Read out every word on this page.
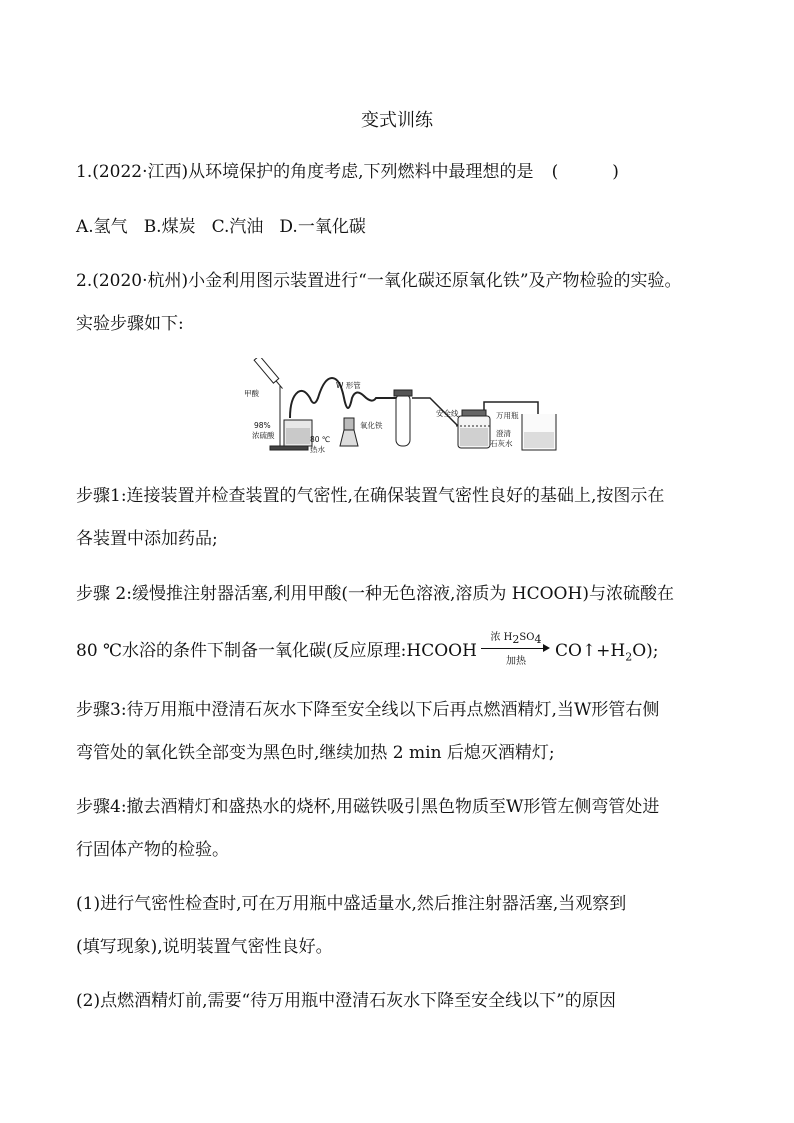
变式训练
1.(2022·江西)从环境保护的角度考虑,下列燃料中最理想的是 (	)
A.氢气 B.煤炭 C.汽油 D.一氧化碳
2.(2020·杭州)小金利用图示装置进行“一氧化碳还原氧化铁”及产物检验的实验。
实验步骤如下:
甲酸
98%
浓硫酸	80 ℃
热水
W 形管
氧化铁
安全线	万用瓶
澄清
石灰水
步骤1:连接装置并检查装置的气密性,在确保装置气密性良好的基础上,按图示在
各装置中添加药品;
步骤 2:缓慢推注射器活塞,利用甲酸(一种无色溶液,溶质为 HCOOH)与浓硫酸在
80 ℃水浴的条件下制备一氧化碳(反应原理:HCOOH
浓 $H_2SO_4$
加热	$CO↑+H_2O$);
步骤3:待万用瓶中澄清石灰水下降至安全线以下后再点燃酒精灯,当W形管右侧
弯管处的氧化铁全部变为黑色时,继续加热 2 min 后熄灭酒精灯;
步骤4:撤去酒精灯和盛热水的烧杯,用磁铁吸引黑色物质至W形管左侧弯管处进
行固体产物的检验。
(1)进行气密性检查时,可在万用瓶中盛适量水,然后推注射器活塞,当观察到
(填写现象),说明装置气密性良好。
(2)点燃酒精灯前,需要“待万用瓶中澄清石灰水下降至安全线以下”的原因
